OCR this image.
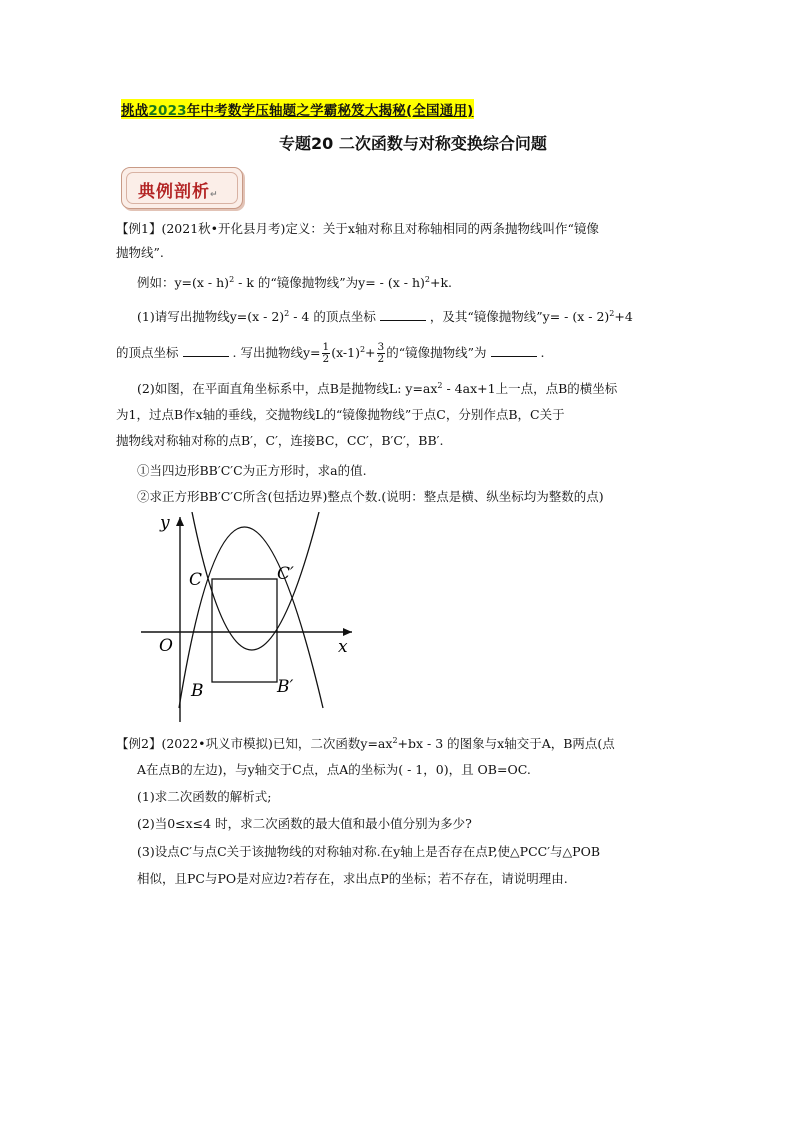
挑战2023年中考数学压轴题之学霸秘笈大揭秘(全国通用)
专题20 二次函数与对称变换综合问题
典例剖析↵
【例1】(2021秋•开化县月考)定义：关于x轴对称且对称轴相同的两条抛物线叫作“镜像
抛物线”.
例如：y=(x - h)$^2$ - k 的“镜像抛物线”为y= - (x - h)$^2$+k.
(1)请写出抛物线y=(x - 2)$^2$ - 4 的顶点坐标	，及其“镜像抛物线”y= - (x - 2)$^2$+4
的顶点坐标	. 写出抛物线$y= \frac{1}{2} (x-1)^2+ \frac{3}{2}$ 的“镜像抛物线”为	.
(2)如图，在平面直角坐标系中，点B是抛物线L: $y=ax^2 - 4ax+1$上一点，点B的横坐标
为1，过点B作x轴的垂线，交抛物线L的“镜像抛物线”于点C，分别作点B，C关于
抛物线对称轴对称的点B′，C′，连接BC，CC′，B′C′，BB′.
①当四边形BB′C′C为正方形时，求a的值.
②求正方形BB′C′C所含(包括边界)整点个数.(说明：整点是横、纵坐标均为整数的点)
y
x
O
C	C′
B	B′
【例2】(2022•巩义市模拟)已知，二次函数$y=ax^2+bx - 3$ 的图象与x轴交于A，B两点(点
A在点B的左边)，与y轴交于C点，点A的坐标为( - 1，0)，且 OB=OC.
(1)求二次函数的解析式;
(2)当0≤x≤4 时，求二次函数的最大值和最小值分别为多少?
(3)设点C′与点C关于该抛物线的对称轴对称.在y轴上是否存在点P,使△PCC′与△POB
相似，且PC与PO是对应边?若存在，求出点P的坐标；若不存在，请说明理由.
